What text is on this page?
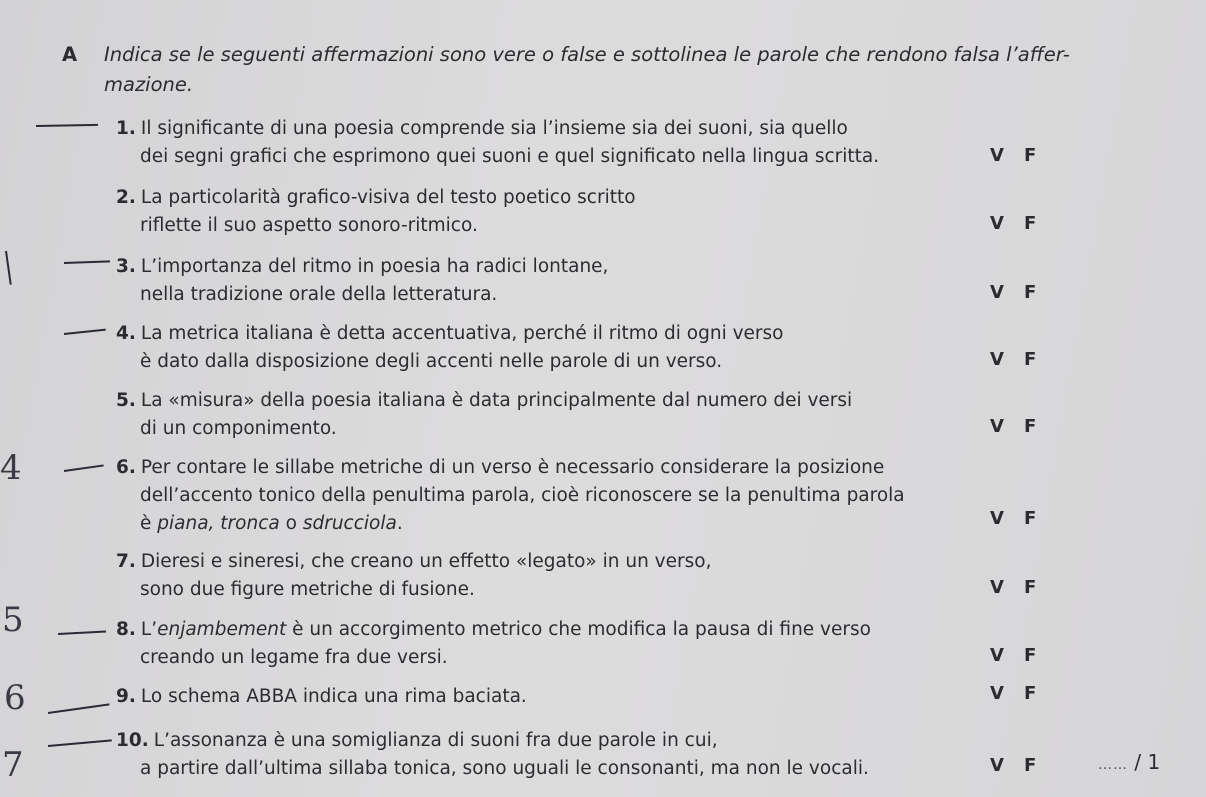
A Indica se le seguenti affermazioni sono vere o false e sottolinea le parole che rendono falsa l’affer-
mazione.
1. Il significante di una poesia comprende sia l’insieme sia dei suoni, sia quello
dei segni grafici che esprimono quei suoni e quel significato nella lingua scritta.	V F
2. La particolarità grafico-visiva del testo poetico scritto
riflette il suo aspetto sonoro-ritmico.	V F
3. L’importanza del ritmo in poesia ha radici lontane,
nella tradizione orale della letteratura.	V F
4. La metrica italiana è detta accentuativa, perché il ritmo di ogni verso
è dato dalla disposizione degli accenti nelle parole di un verso.	V F
5. La «misura» della poesia italiana è data principalmente dal numero dei versi
di un componimento.	V F
6. Per contare le sillabe metriche di un verso è necessario considerare la posizione
dell’accento tonico della penultima parola, cioè riconoscere se la penultima parola
è piana, tronca o sdrucciola.	V F
7. Dieresi e sineresi, che creano un effetto «legato» in un verso,
sono due figure metriche di fusione.	V F
8. L’enjambement è un accorgimento metrico che modifica la pausa di fine verso
creando un legame fra due versi.	V F
9. Lo schema ABBA indica una rima baciata.	V F
10. L’assonanza è una somiglianza di suoni fra due parole in cui,
a partire dall’ultima sillaba tonica, sono uguali le consonanti, ma non le vocali.	V F	…… / 1
4
5
6
7
